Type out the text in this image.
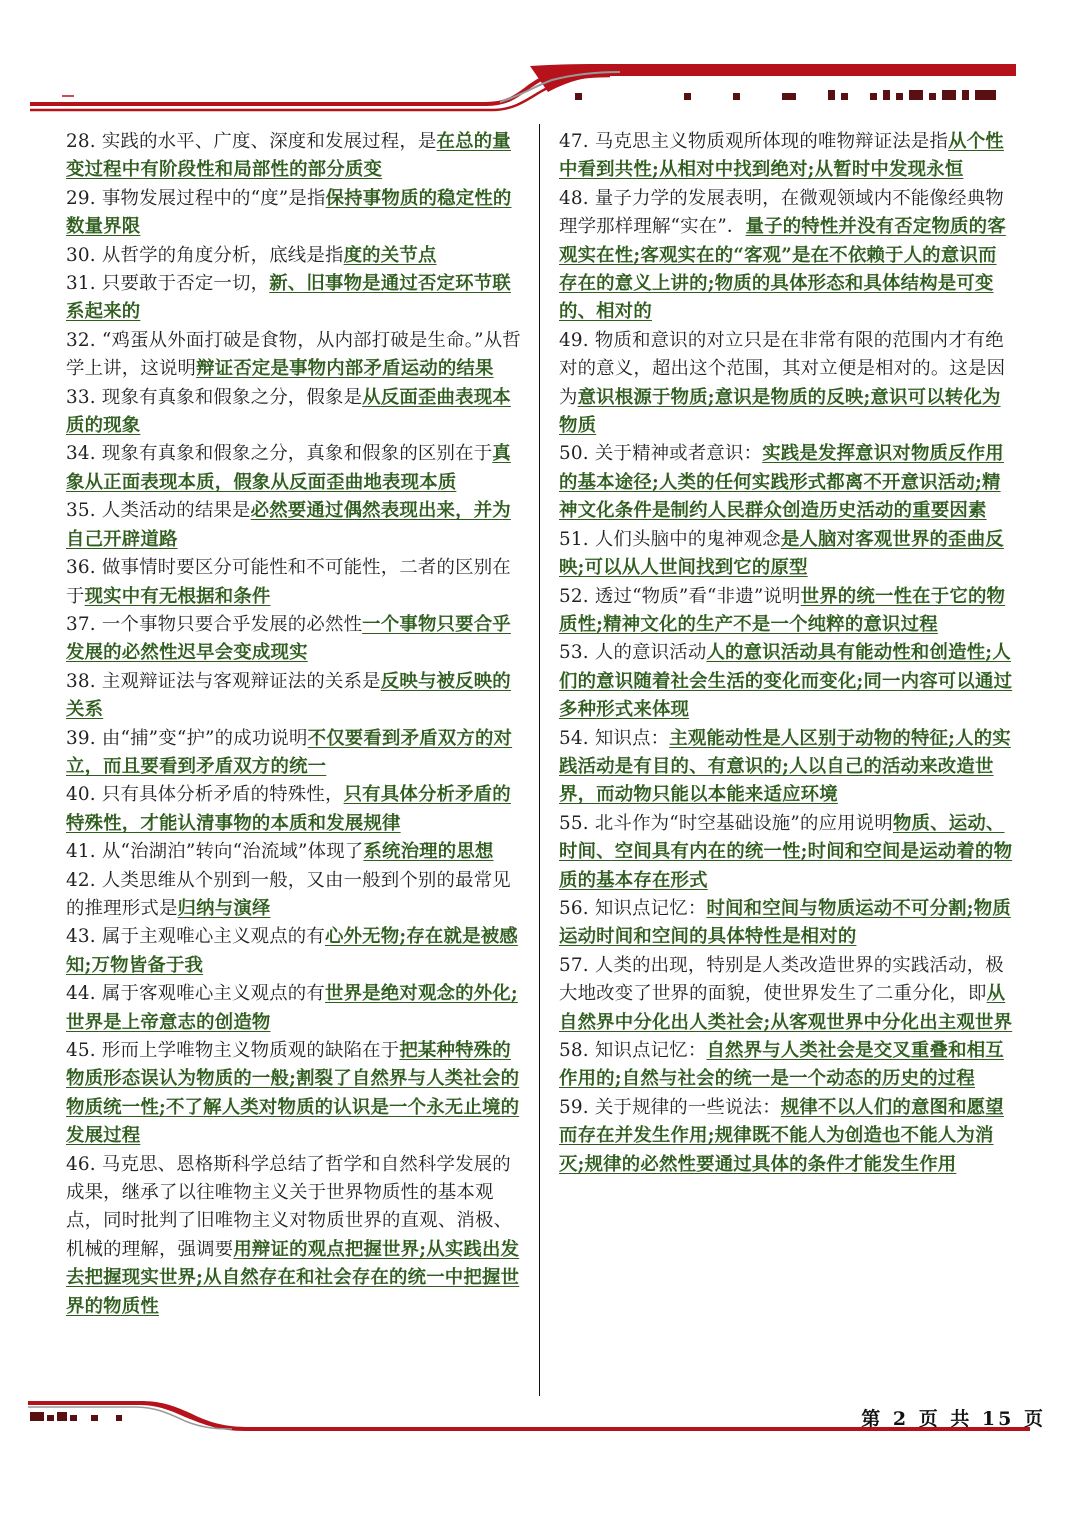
28. 实践的水平、广度、深度和发展过程，是在总的量变过程中有阶段性和局部性的部分质变

29. 事物发展过程中的“度”是指保持事物质的稳定性的数量界限

30. 从哲学的角度分析，底线是指度的关节点

31. 只要敢于否定一切，新、旧事物是通过否定环节联系起来的

32. “鸡蛋从外面打破是食物，从内部打破是生命。”从哲学上讲，这说明辩证否定是事物内部矛盾运动的结果

33. 现象有真象和假象之分，假象是从反面歪曲表现本质的现象

34. 现象有真象和假象之分，真象和假象的区别在于真象从正面表现本质，假象从反面歪曲地表现本质

35. 人类活动的结果是必然要通过偶然表现出来，并为自己开辟道路

36. 做事情时要区分可能性和不可能性，二者的区别在于现实中有无根据和条件

37. 一个事物只要合乎发展的必然性一个事物只要合乎发展的必然性迟早会变成现实

38. 主观辩证法与客观辩证法的关系是反映与被反映的关系

39. 由“捕”变“护”的成功说明不仅要看到矛盾双方的对立，而且要看到矛盾双方的统一

40. 只有具体分析矛盾的特殊性，只有具体分析矛盾的特殊性，才能认清事物的本质和发展规律

41. 从“治湖泊”转向“治流域”体现了系统治理的思想

42. 人类思维从个别到一般，又由一般到个别的最常见的推理形式是归纳与演绎

43. 属于主观唯心主义观点的有心外无物;存在就是被感知;万物皆备于我

44. 属于客观唯心主义观点的有世界是绝对观念的外化;世界是上帝意志的创造物

45. 形而上学唯物主义物质观的缺陷在于把某种特殊的物质形态误认为物质的一般;割裂了自然界与人类社会的物质统一性;不了解人类对物质的认识是一个永无止境的发展过程

46. 马克思、恩格斯科学总结了哲学和自然科学发展的成果，继承了以往唯物主义关于世界物质性的基本观点，同时批判了旧唯物主义对物质世界的直观、消极、机械的理解，强调要用辩证的观点把握世界;从实践出发去把握现实世界;从自然存在和社会存在的统一中把握世界的物质性

47. 马克思主义物质观所体现的唯物辩证法是指从个性中看到共性;从相对中找到绝对;从暂时中发现永恒

48. 量子力学的发展表明，在微观领域内不能像经典物理学那样理解“实在”．量子的特性并没有否定物质的客观实在性;客观实在的“客观”是在不依赖于人的意识而存在的意义上讲的;物质的具体形态和具体结构是可变的、相对的

49. 物质和意识的对立只是在非常有限的范围内才有绝对的意义，超出这个范围，其对立便是相对的。这是因为意识根源于物质;意识是物质的反映;意识可以转化为物质

50. 关于精神或者意识：实践是发挥意识对物质反作用的基本途径;人类的任何实践形式都离不开意识活动;精神文化条件是制约人民群众创造历史活动的重要因素

51. 人们头脑中的鬼神观念是人脑对客观世界的歪曲反映;可以从人世间找到它的原型

52. 透过“物质”看“非遗”说明世界的统一性在于它的物质性;精神文化的生产不是一个纯粹的意识过程

53. 人的意识活动人的意识活动具有能动性和创造性;人们的意识随着社会生活的变化而变化;同一内容可以通过多种形式来体现

54. 知识点：主观能动性是人区别于动物的特征;人的实践活动是有目的、有意识的;人以自己的活动来改造世界，而动物只能以本能来适应环境

55. 北斗作为“时空基础设施”的应用说明物质、运动、时间、空间具有内在的统一性;时间和空间是运动着的物质的基本存在形式

56. 知识点记忆：时间和空间与物质运动不可分割;物质运动时间和空间的具体特性是相对的

57. 人类的出现，特别是人类改造世界的实践活动，极大地改变了世界的面貌，使世界发生了二重分化，即从自然界中分化出人类社会;从客观世界中分化出主观世界

58. 知识点记忆：自然界与人类社会是交叉重叠和相互作用的;自然与社会的统一是一个动态的历史的过程

59. 关于规律的一些说法：规律不以人们的意图和愿望而存在并发生作用;规律既不能人为创造也不能人为消灭;规律的必然性要通过具体的条件才能发生作用

第 2 页 共 15 页
